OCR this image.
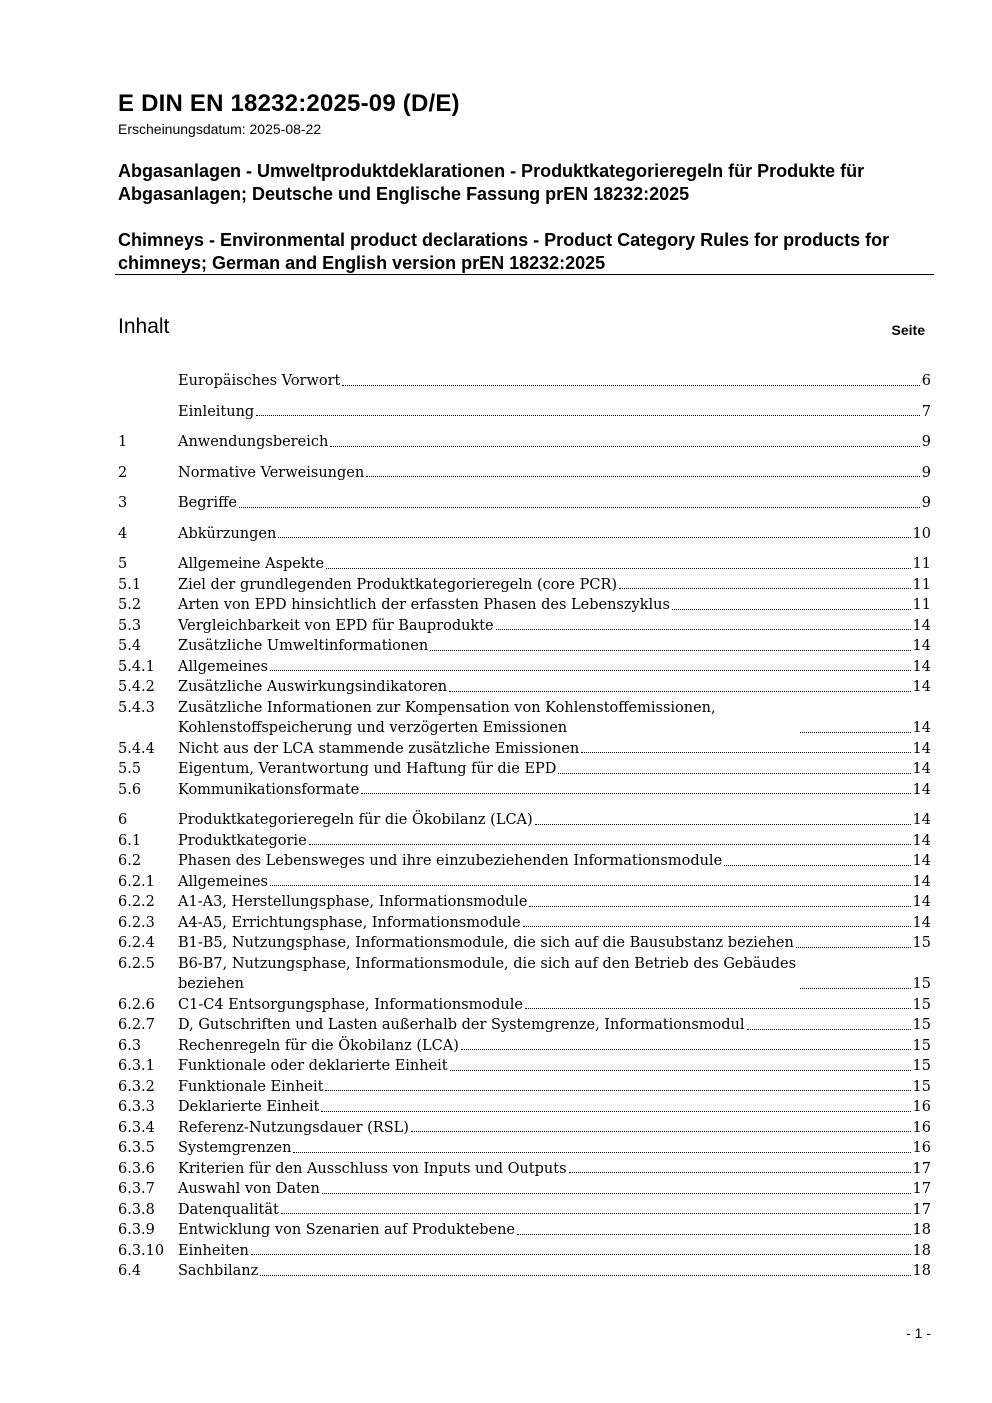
E DIN EN 18232:2025-09 (D/E)
Erscheinungsdatum: 2025-08-22
Abgasanlagen - Umweltproduktdeklarationen - Produktkategorieregeln für Produkte für Abgasanlagen; Deutsche und Englische Fassung prEN 18232:2025
Chimneys - Environmental product declarations - Product Category Rules for products for chimneys; German and English version prEN 18232:2025
Inhalt	Seite
Europäisches Vorwort	6
Einleitung	7
1	Anwendungsbereich	9
2	Normative Verweisungen	9
3	Begriffe	9
4	Abkürzungen	10
5	Allgemeine Aspekte	11
5.1	Ziel der grundlegenden Produktkategorieregeln (core PCR)	11
5.2	Arten von EPD hinsichtlich der erfassten Phasen des Lebenszyklus	11
5.3	Vergleichbarkeit von EPD für Bauprodukte	14
5.4	Zusätzliche Umweltinformationen	14
5.4.1	Allgemeines	14
5.4.2	Zusätzliche Auswirkungsindikatoren	14
5.4.3	Zusätzliche Informationen zur Kompensation von Kohlenstoffemissionen, Kohlenstoffspeicherung und verzögerten Emissionen	14
5.4.4	Nicht aus der LCA stammende zusätzliche Emissionen	14
5.5	Eigentum, Verantwortung und Haftung für die EPD	14
5.6	Kommunikationsformate	14
6	Produktkategorieregeln für die Ökobilanz (LCA)	14
6.1	Produktkategorie	14
6.2	Phasen des Lebensweges und ihre einzubeziehenden Informationsmodule	14
6.2.1	Allgemeines	14
6.2.2	A1-A3, Herstellungsphase, Informationsmodule	14
6.2.3	A4-A5, Errichtungsphase, Informationsmodule	14
6.2.4	B1-B5, Nutzungsphase, Informationsmodule, die sich auf die Bausubstanz beziehen	15
6.2.5	B6-B7, Nutzungsphase, Informationsmodule, die sich auf den Betrieb des Gebäudes beziehen	15
6.2.6	C1-C4 Entsorgungsphase, Informationsmodule	15
6.2.7	D, Gutschriften und Lasten außerhalb der Systemgrenze, Informationsmodul	15
6.3	Rechenregeln für die Ökobilanz (LCA)	15
6.3.1	Funktionale oder deklarierte Einheit	15
6.3.2	Funktionale Einheit	15
6.3.3	Deklarierte Einheit	16
6.3.4	Referenz-Nutzungsdauer (RSL)	16
6.3.5	Systemgrenzen	16
6.3.6	Kriterien für den Ausschluss von Inputs und Outputs	17
6.3.7	Auswahl von Daten	17
6.3.8	Datenqualität	17
6.3.9	Entwicklung von Szenarien auf Produktebene	18
6.3.10 Einheiten	18
6.4	Sachbilanz	18
- 1 -
